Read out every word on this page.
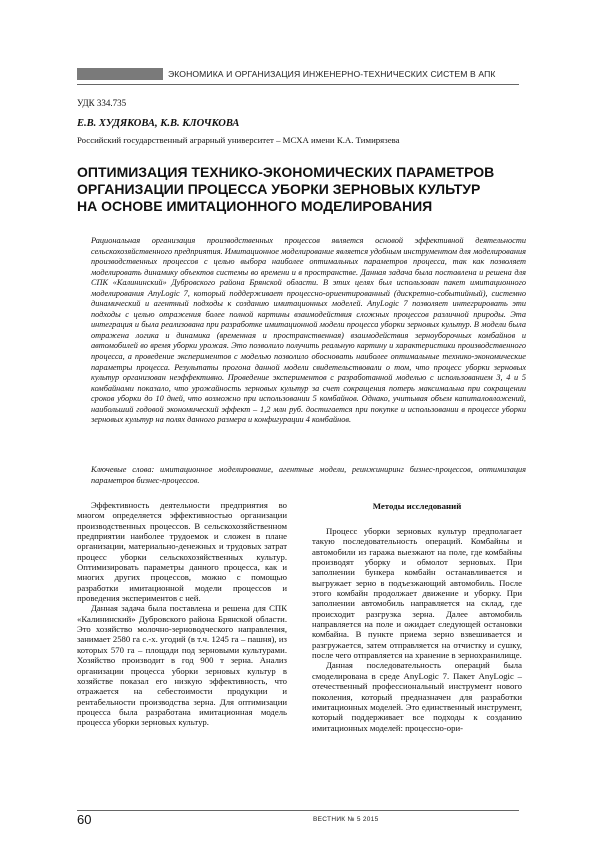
ЭКОНОМИКА И ОРГАНИЗАЦИЯ ИНЖЕНЕРНО-ТЕХНИЧЕСКИХ СИСТЕМ В АПК
УДК 334.735
Е.В. ХУДЯКОВА, К.В. КЛОЧКОВА
Российский государственный аграрный университет – МСХА имени К.А. Тимирязева
ОПТИМИЗАЦИЯ ТЕХНИКО-ЭКОНОМИЧЕСКИХ ПАРАМЕТРОВ
ОРГАНИЗАЦИИ ПРОЦЕССА УБОРКИ ЗЕРНОВЫХ КУЛЬТУР
НА ОСНОВЕ ИМИТАЦИОННОГО МОДЕЛИРОВАНИЯ
Рациональная организация производственных процессов является основой эффективной деятельности сельскохозяйственного предприятия. Имитационное моделирование является удобным инструментом для моделирования производственных процессов с целью выбора наиболее оптимальных параметров процесса, так как позволяет моделировать динамику объектов системы во времени и в пространстве. Данная задача была поставлена и решена для СПК «Калининский» Дубровского района Брянской области. В этих целях был использован пакет имитационного моделирования AnyLogic 7, который поддерживает процессно-ориентированный (дискретно-событийный), системно динамический и агентный подходы к созданию имитационных моделей. AnyLogic 7 позволяет интегрировать эти подходы с целью отражения более полной картины взаимодействия сложных процессов различной природы. Эта интеграция и была реализована при разработке имитационной модели процесса уборки зерновых культур. В модели была отражена логика и динамика (временная и пространственная) взаимодействия зерноуборочных комбайнов и автомобилей во время уборки урожая. Это позволило получить реальную картину и характеристики производственного процесса, а проведение экспериментов с моделью позволило обосновать наиболее оптимальные технико-экономические параметры процесса. Результаты прогона данной модели свидетельствовали о том, что процесс уборки зерновых культур организован неэффективно. Проведение экспериментов с разработанной моделью с использованием 3, 4 и 5 комбайнами показало, что урожайность зерновых культур за счет сокращения потерь максимальна при сокращении сроков уборки до 10 дней, что возможно при использовании 5 комбайнов. Однако, учитывая объем капиталовложений, наибольший годовой экономический эффект – 1,2 млн руб. достигается при покупке и использовании в процессе уборки зерновых культур на полях данного размера и конфигурации 4 комбайнов.
Ключевые слова: имитационное моделирование, агентные модели, реинжиниринг бизнес-процессов, оптимизация параметров бизнес-процессов.

Эффективность деятельности предприятия во многом определяется эффективностью организации производственных процессов. В сельскохозяйственном предприятии наиболее трудоемок и сложен в плане организации, материально-денежных и трудовых затрат процесс уборки сельскохозяйственных культур. Оптимизировать параметры данного процесса, как и многих других процессов, можно с помощью разработки имитационной модели процессов и проведения экспериментов с ней.

Данная задача была поставлена и решена для СПК «Калининский» Дубровского района Брянской области. Это хозяйство молочно-зерноводческого направления, занимает 2580 га с.-х. угодий (в т.ч. 1245 га – пашня), из которых 570 га – площади под зерновыми культурами. Хозяйство производит в год 900 т зерна. Анализ организации процесса уборки зерновых культур в хозяйстве показал его низкую эффективность, что отражается на себестоимости продукции и рентабельности производства зерна. Для оптимизации процесса была разработана имитационная модель процесса уборки зерновых культур.

Методы исследований

Процесс уборки зерновых культур предполагает такую последовательность операций. Комбайны и автомобили из гаража выезжают на поле, где комбайны производят уборку и обмолот зерновых. При заполнении бункера комбайн останавливается и выгружает зерно в подъезжающий автомобиль. После этого комбайн продолжает движение и уборку. При заполнении автомобиль направляется на склад, где происходит разгрузка зерна. Далее автомобиль направляется на поле и ожидает следующей остановки комбайна. В пункте приема зерно взвешивается и разгружается, затем отправляется на отчистку и сушку, после чего отправляется на хранение в зернохранилище.

Данная последовательность операций была смоделирована в среде AnyLogic 7. Пакет AnyLogic – отечественный профессиональный инструмент нового поколения, который предназначен для разработки имитационных моделей. Это единственный инструмент, который поддерживает все подходы к созданию имитационных моделей: процессно-ори-

60	ВЕСТНИК № 5 2015
